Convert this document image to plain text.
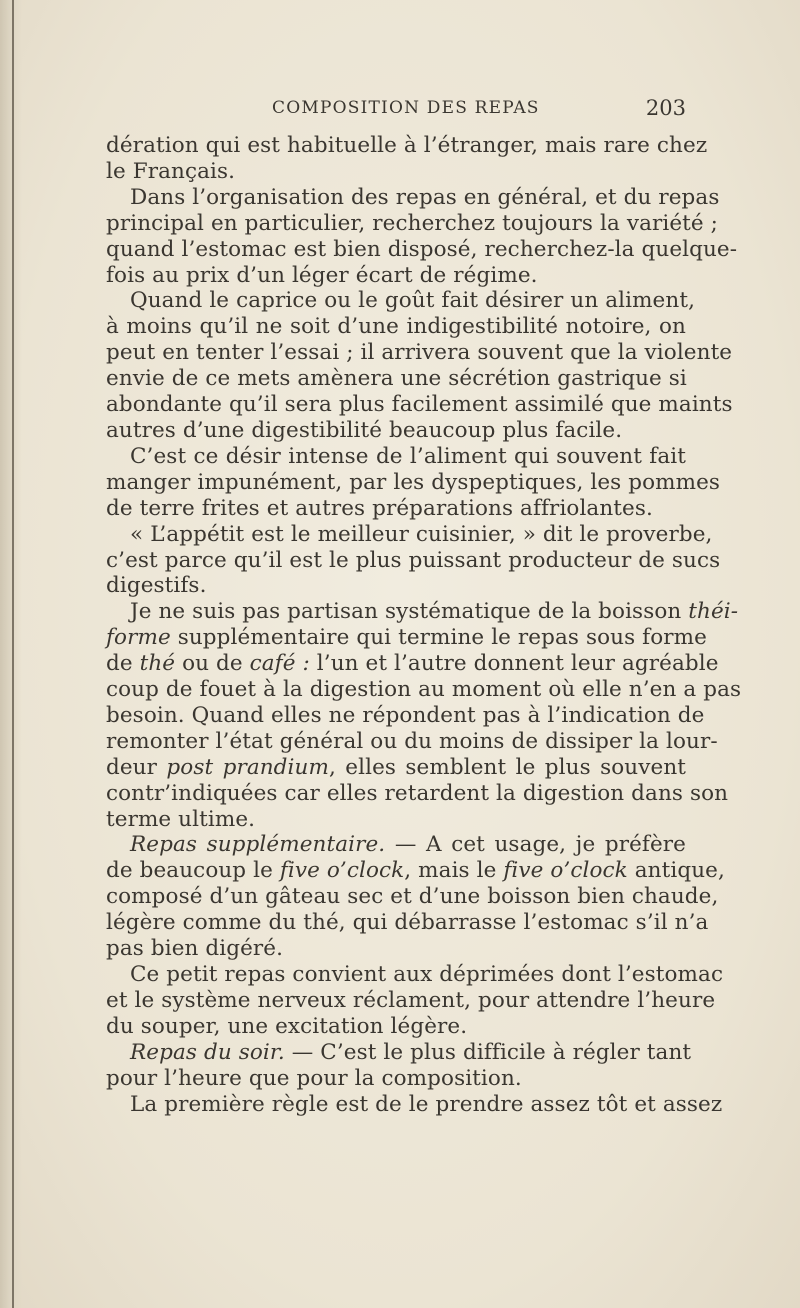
COMPOSITION DES REPAS	203
dération qui est habituelle à l’étranger, mais rare chez
le Français.
Dans l’organisation des repas en général, et du repas
principal en particulier, recherchez toujours la variété ;
quand l’estomac est bien disposé, recherchez-la quelque-
fois au prix d’un léger écart de régime.
Quand le caprice ou le goût fait désirer un aliment,
à moins qu’il ne soit d’une indigestibilité notoire, on
peut en tenter l’essai ; il arrivera souvent que la violente
envie de ce mets amènera une sécrétion gastrique si
abondante qu’il sera plus facilement assimilé que maints
autres d’une digestibilité beaucoup plus facile.
C’est ce désir intense de l’aliment qui souvent fait
manger impunément, par les dyspeptiques, les pommes
de terre frites et autres préparations affriolantes.
« L’appétit est le meilleur cuisinier, » dit le proverbe,
c’est parce qu’il est le plus puissant producteur de sucs
digestifs.
Je ne suis pas partisan systématique de la boisson théi-
forme supplémentaire qui termine le repas sous forme
de thé ou de café : l’un et l’autre donnent leur agréable
coup de fouet à la digestion au moment où elle n’en a pas
besoin. Quand elles ne répondent pas à l’indication de
remonter l’état général ou du moins de dissiper la lour-
deur post prandium, elles semblent le plus souvent
contr’indiquées car elles retardent la digestion dans son
terme ultime.
Repas supplémentaire. — A cet usage, je préfère
de beaucoup le five o’clock, mais le five o’clock antique,
composé d’un gâteau sec et d’une boisson bien chaude,
légère comme du thé, qui débarrasse l’estomac s’il n’a
pas bien digéré.
Ce petit repas convient aux déprimées dont l’estomac
et le système nerveux réclament, pour attendre l’heure
du souper, une excitation légère.
Repas du soir. — C’est le plus difficile à régler tant
pour l’heure que pour la composition.
La première règle est de le prendre assez tôt et assez
